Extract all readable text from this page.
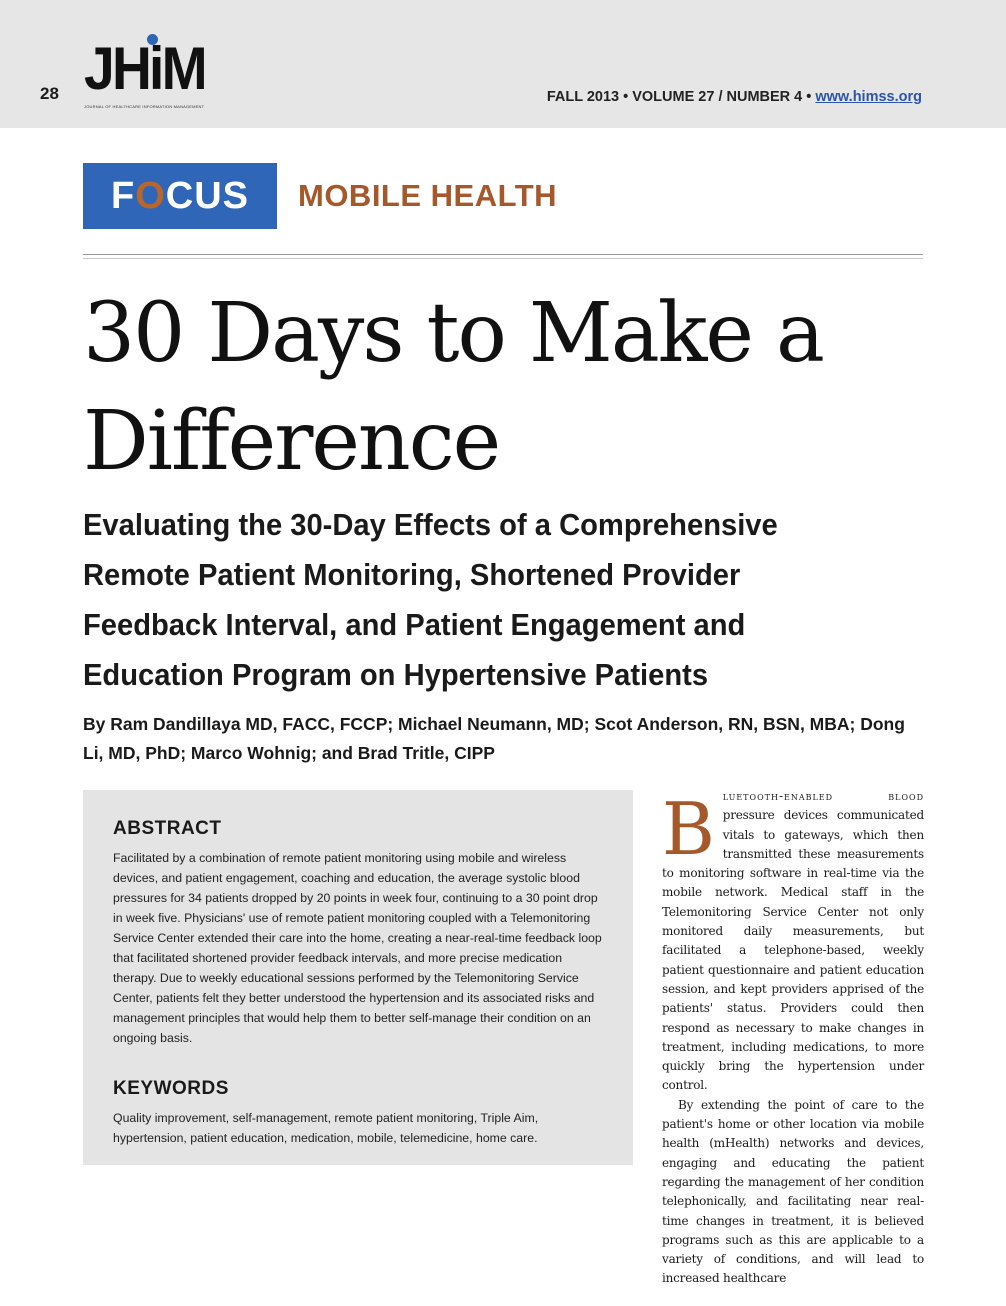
28 JHiM
JOURNAL OF HEALTHCARE INFORMATION MANAGEMENT
FALL 2013 • VOLUME 27 / NUMBER 4 • www.himss.org
FOCUS	MOBILE HEALTH
30 Days to Make a
Difference
Evaluating the 30-Day Effects of a Comprehensive Remote Patient Monitoring, Shortened Provider Feedback Interval, and Patient Engagement and Education Program on Hypertensive Patients
By Ram Dandillaya MD, FACC, FCCP; Michael Neumann, MD; Scot Anderson, RN, BSN, MBA; Dong Li, MD, PhD; Marco Wohnig; and Brad Tritle, CIPP
ABSTRACT
Facilitated by a combination of remote patient monitoring using mobile and wireless devices, and patient engagement, coaching and education, the average systolic blood pressures for 34 patients dropped by 20 points in week four, continuing to a 30 point drop in week five. Physicians' use of remote patient monitoring coupled with a Telemonitoring Service Center extended their care into the home, creating a near-real-time feedback loop that facilitated shortened provider feedback intervals, and more precise medication therapy. Due to weekly educational sessions performed by the Telemonitoring Service Center, patients felt they better understood the hypertension and its associated risks and management principles that would help them to better self-manage their condition on an ongoing basis.
KEYWORDS
Quality improvement, self-management, remote patient monitoring, Triple Aim, hypertension, patient education, medication, mobile, telemedicine, home care.

Bluetooth-enabled blood pressure devices communicated vitals to gateways, which then transmitted these measurements to monitoring software in real-time via the mobile network. Medical staff in the Telemonitoring Service Center not only monitored daily measurements, but facilitated a telephone-based, weekly patient questionnaire and patient education session, and kept providers apprised of the patients' status. Providers could then respond as necessary to make changes in treatment, including medications, to more quickly bring the hypertension under control.

By extending the point of care to the patient's home or other location via mobile health (mHealth) networks and devices, engaging and educating the patient regarding the management of her condition telephonically, and facilitating near real-time changes in treatment, it is believed programs such as this are applicable to a variety of conditions, and will lead to increased healthcare
